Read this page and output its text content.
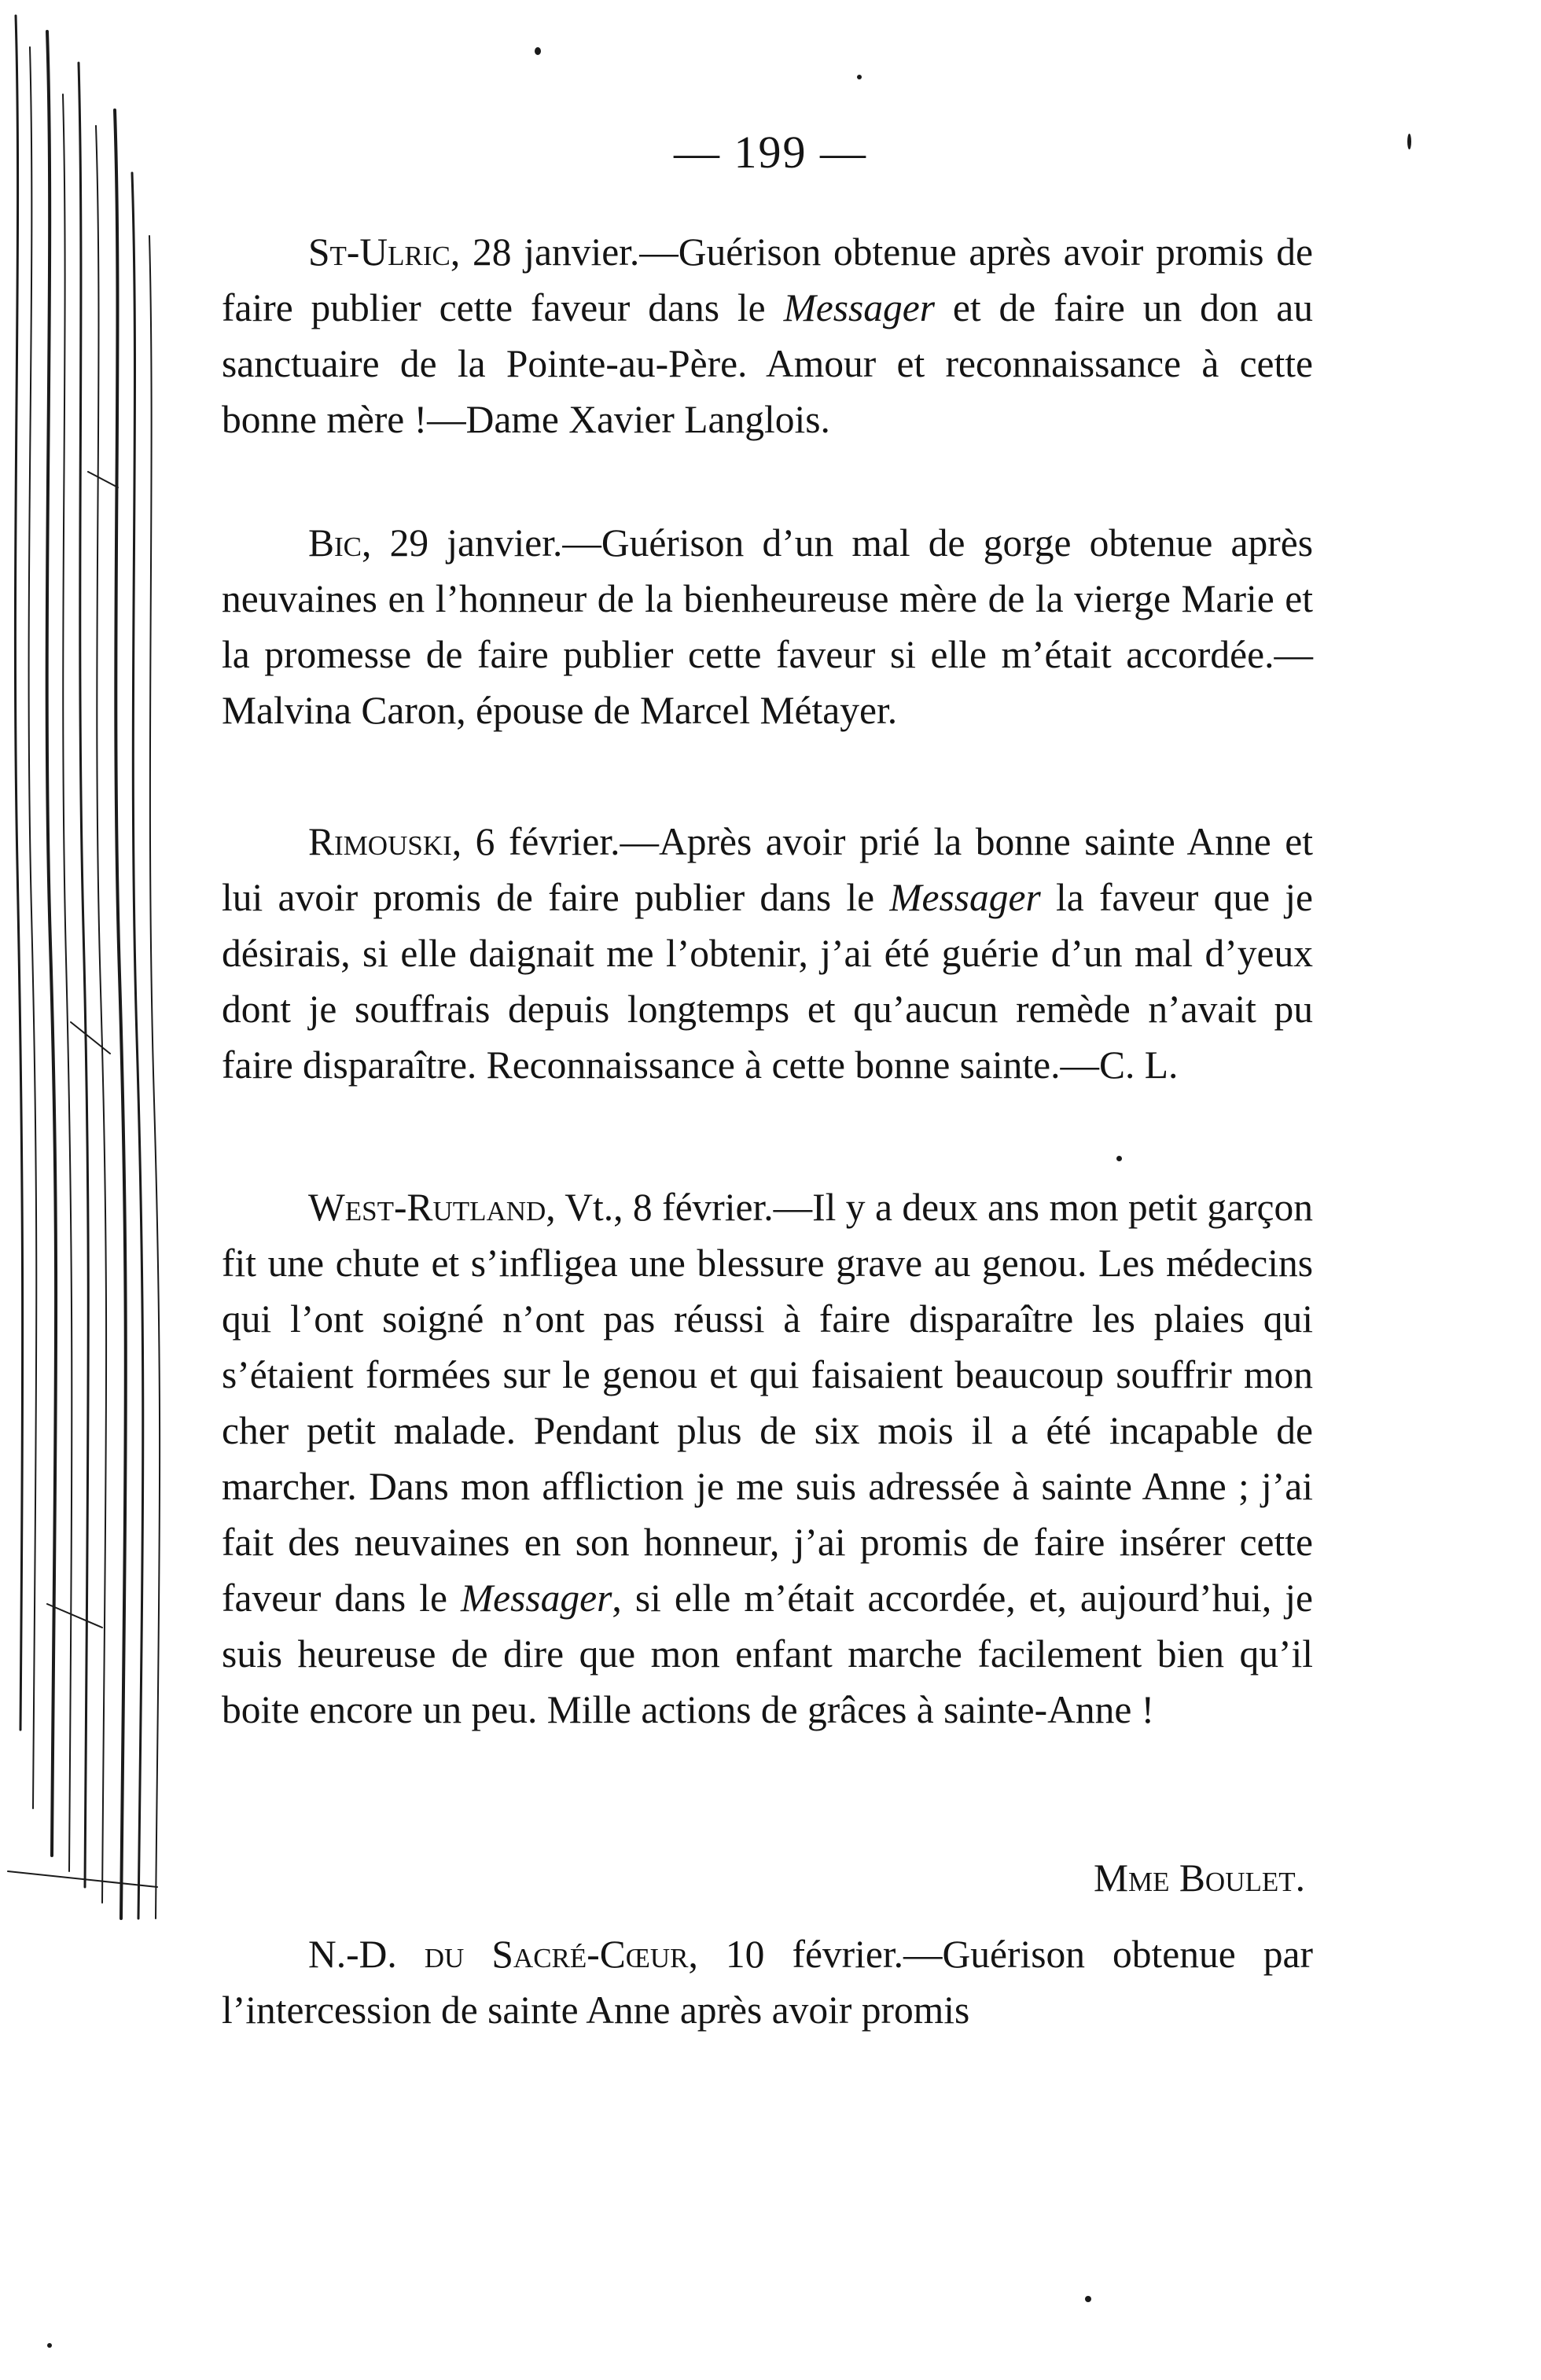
— 199 —

St-Ulric, 28 janvier.—Guérison obtenue après avoir promis de faire publier cette faveur dans le Messager et de faire un don au sanctuaire de la Pointe-au-Père. Amour et reconnaissance à cette bonne mère !—Dame Xavier Langlois.

Bic, 29 janvier.—Guérison d’un mal de gorge obtenue après neuvaines en l’honneur de la bienheureuse mère de la vierge Marie et la promesse de faire publier cette faveur si elle m’était accordée.—Malvina Caron, épouse de Marcel Métayer.

Rimouski, 6 février.—Après avoir prié la bonne sainte Anne et lui avoir promis de faire publier dans le Messager la faveur que je désirais, si elle daignait me l’obtenir, j’ai été guérie d’un mal d’yeux dont je souffrais depuis longtemps et qu’aucun remède n’avait pu faire disparaître. Reconnaissance à cette bonne sainte.—C. L.

West-Rutland, Vt., 8 février.—Il y a deux ans mon petit garçon fit une chute et s’infligea une blessure grave au genou. Les médecins qui l’ont soigné n’ont pas réussi à faire disparaître les plaies qui s’étaient formées sur le genou et qui faisaient beaucoup souffrir mon cher petit malade. Pendant plus de six mois il a été incapable de marcher. Dans mon affliction je me suis adressée à sainte Anne ; j’ai fait des neuvaines en son honneur, j’ai promis de faire insérer cette faveur dans le Messager, si elle m’était accordée, et, aujourd’hui, je suis heureuse de dire que mon enfant marche facilement bien qu’il boite encore un peu. Mille actions de grâces à sainte-Anne !

Mme Boulet.

N.-D. du Sacré-Cœur, 10 février.—Guérison obtenue par l’intercession de sainte Anne après avoir promis
